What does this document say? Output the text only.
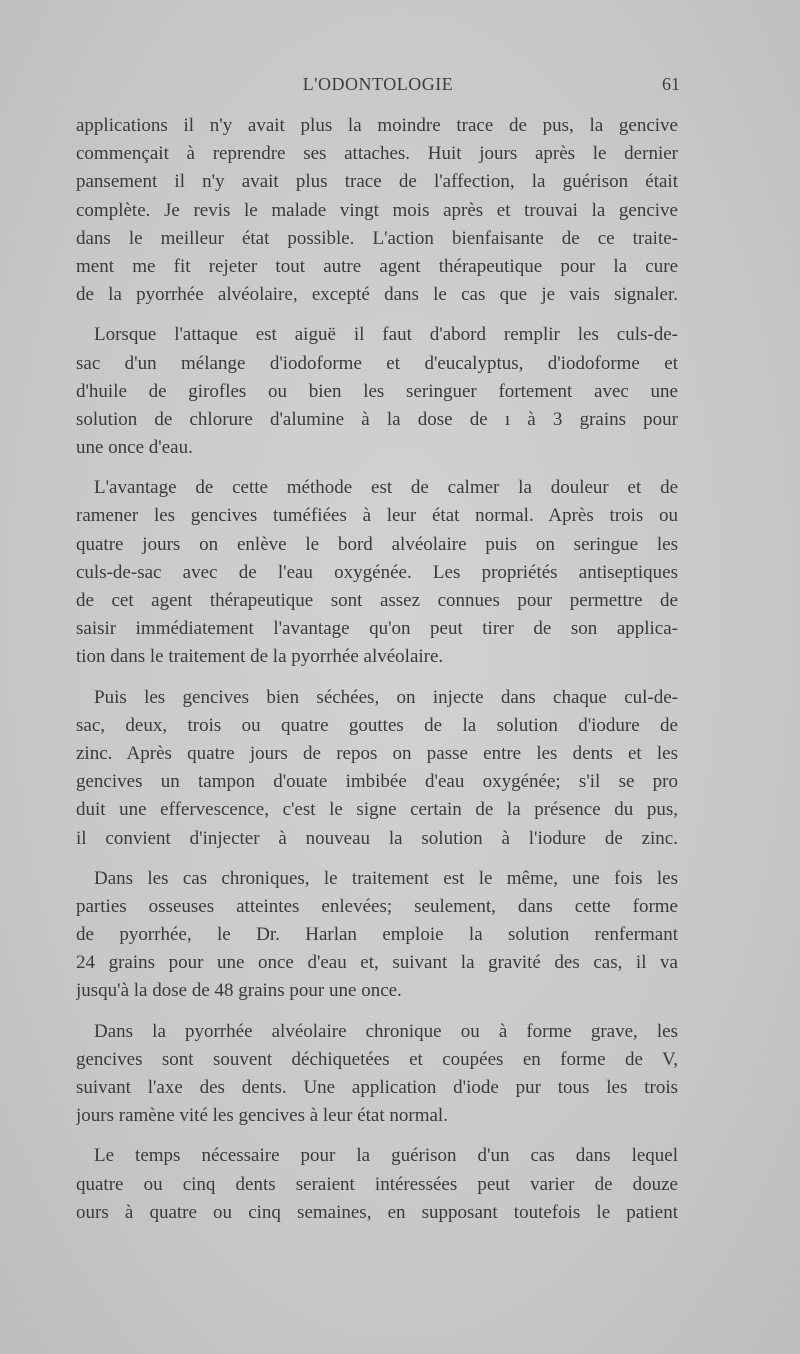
L'ODONTOLOGIE	61

applications il n'y avait plus la moindre trace de pus, la gencive
commençait à reprendre ses attaches. Huit jours après le dernier
pansement il n'y avait plus trace de l'affection, la guérison était
complète. Je revis le malade vingt mois après et trouvai la gencive
dans le meilleur état possible. L'action bienfaisante de ce traite-
ment me fit rejeter tout autre agent thérapeutique pour la cure
de la pyorrhée alvéolaire, excepté dans le cas que je vais signaler.

Lorsque l'attaque est aiguë il faut d'abord remplir les culs-de-
sac d'un mélange d'iodoforme et d'eucalyptus, d'iodoforme et
d'huile de girofles ou bien les seringuer fortement avec une
solution de chlorure d'alumine à la dose de ı à 3 grains pour
une once d'eau.

L'avantage de cette méthode est de calmer la douleur et de
ramener les gencives tuméfiées à leur état normal. Après trois ou
quatre jours on enlève le bord alvéolaire puis on seringue les
culs-de-sac avec de l'eau oxygénée. Les propriétés antiseptiques
de cet agent thérapeutique sont assez connues pour permettre de
saisir immédiatement l'avantage qu'on peut tirer de son applica-
tion dans le traitement de la pyorrhée alvéolaire.

Puis les gencives bien séchées, on injecte dans chaque cul-de-
sac, deux, trois ou quatre gouttes de la solution d'iodure de
zinc. Après quatre jours de repos on passe entre les dents et les
gencives un tampon d'ouate imbibée d'eau oxygénée; s'il se pro
duit une effervescence, c'est le signe certain de la présence du pus,
il convient d'injecter à nouveau la solution à l'iodure de zinc.

Dans les cas chroniques, le traitement est le même, une fois les
parties osseuses atteintes enlevées; seulement, dans cette forme
de pyorrhée, le Dr. Harlan emploie la solution renfermant
24 grains pour une once d'eau et, suivant la gravité des cas, il va
jusqu'à la dose de 48 grains pour une once.

Dans la pyorrhée alvéolaire chronique ou à forme grave, les
gencives sont souvent déchiquetées et coupées en forme de V,
suivant l'axe des dents. Une application d'iode pur tous les trois
jours ramène vité les gencives à leur état normal.

Le temps nécessaire pour la guérison d'un cas dans lequel
quatre ou cinq dents seraient intéressées peut varier de douze
ours à quatre ou cinq semaines, en supposant toutefois le patient
